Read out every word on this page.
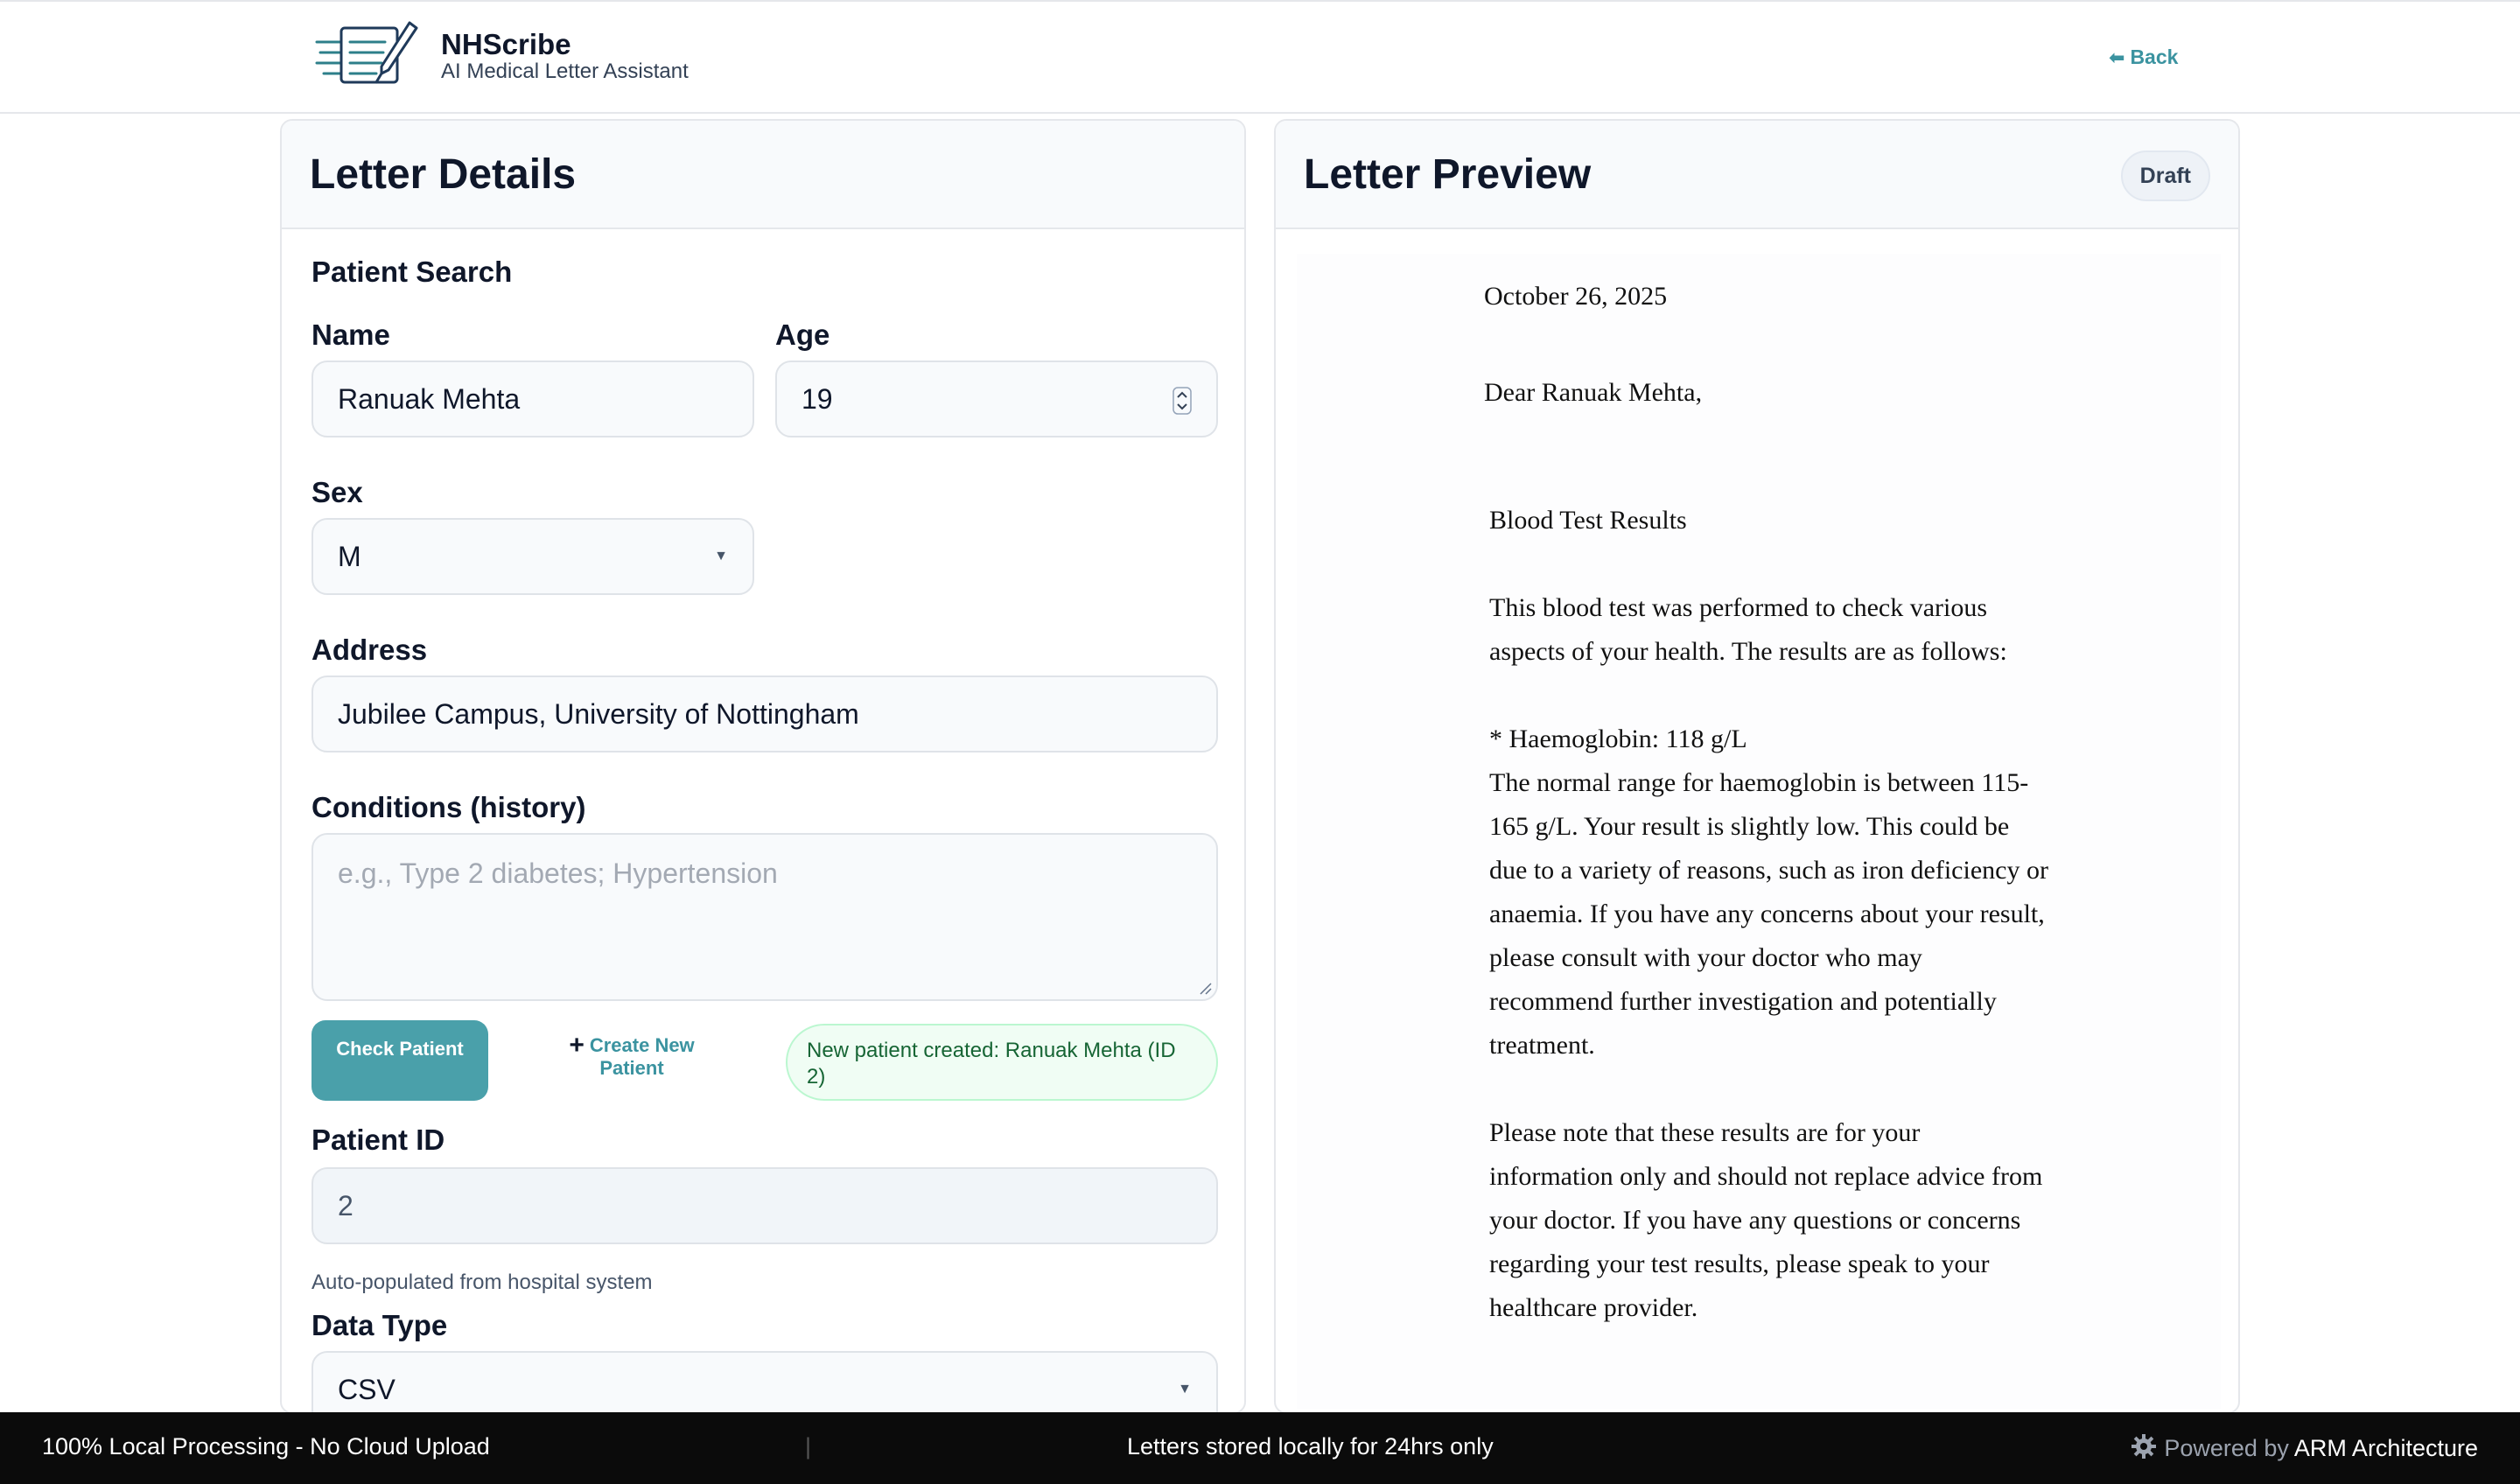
NHScribe
AI Medical Letter Assistant
⬅ Back
Letter Details
Patient Search
Name
Ranuak Mehta
Age
19
Sex
M	▼
Address
Jubilee Campus, University of Nottingham
Conditions (history)
e.g., Type 2 diabetes; Hypertension
Check Patient	+ Create New Patient
New patient created: Ranuak Mehta (ID 2)
Patient ID
2
Auto-populated from hospital system
Data Type
CSV	▼
Letter Preview	Draft

October 26, 2025

Dear Ranuak Mehta,

Blood Test Results

This blood test was performed to check various aspects of your health. The results are as follows:

* Haemoglobin: 118 g/L

The normal range for haemoglobin is between 115-165 g/L. Your result is slightly low. This could be due to a variety of reasons, such as iron deficiency or anaemia. If you have any concerns about your result, please consult with your doctor who may recommend further investigation and potentially treatment.

Please note that these results are for your information only and should not replace advice from your doctor. If you have any questions or concerns regarding your test results, please speak to your healthcare provider.

100% Local Processing - No Cloud Upload	|	Letters stored locally for 24hrs only	Powered by ARM Architecture
